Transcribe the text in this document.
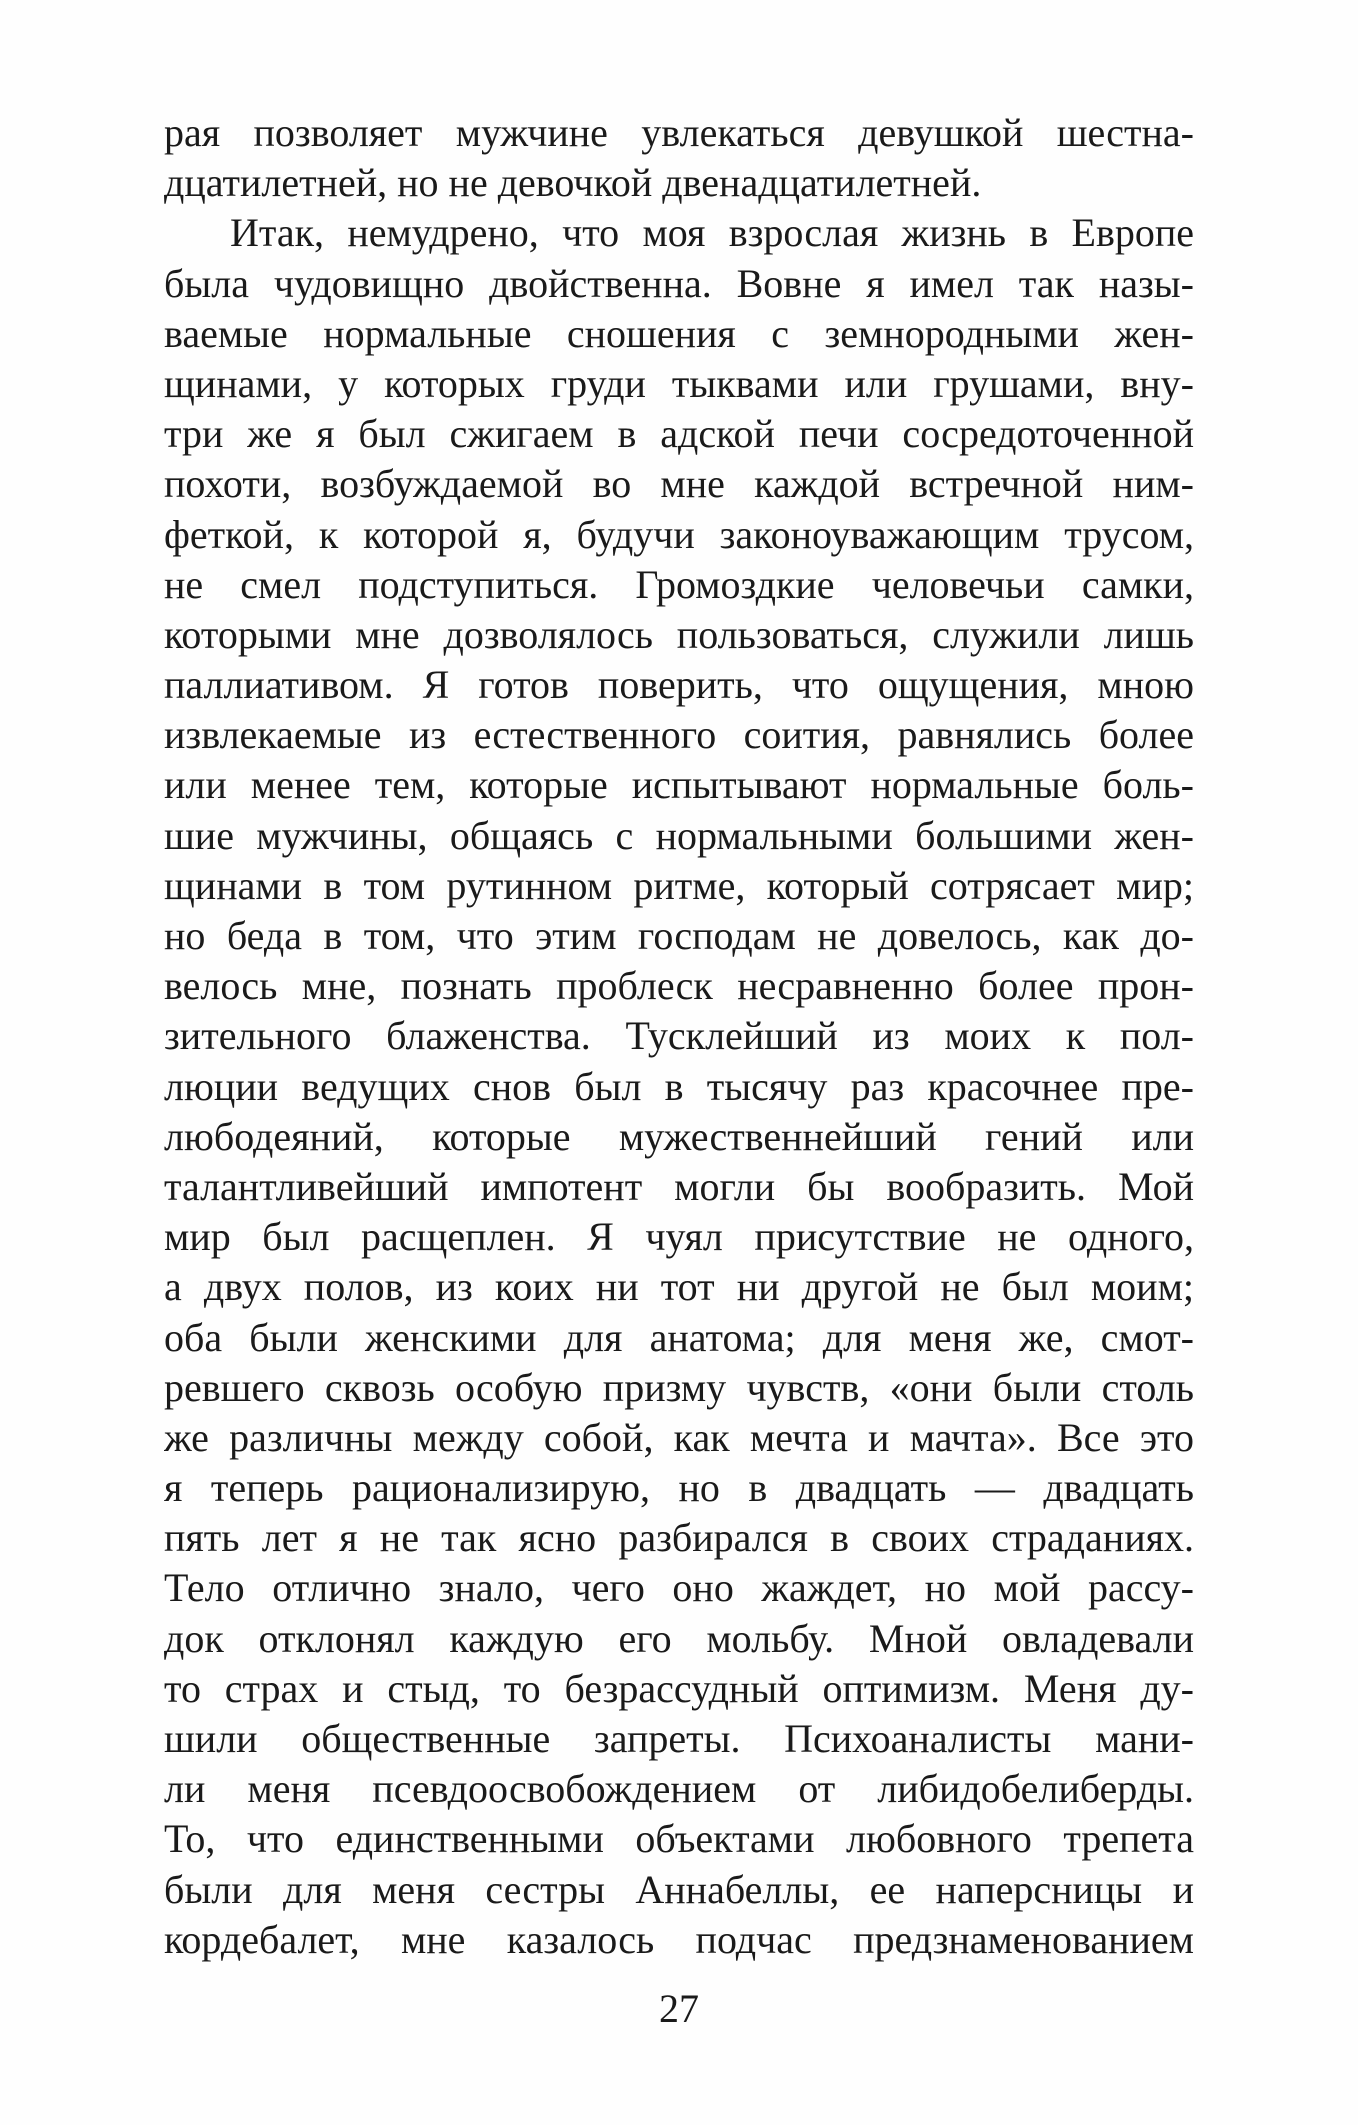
рая позволяет мужчине увлекаться девушкой шестна-
дцатилетней, но не девочкой двенадцатилетней.
Итак, немудрено, что моя взрослая жизнь в Европе
была чудовищно двойственна. Вовне я имел так назы-
ваемые нормальные сношения с земнородными жен-
щинами, у которых груди тыквами или грушами, вну-
три же я был сжигаем в адской печи сосредоточенной
похоти, возбуждаемой во мне каждой встречной ним-
феткой, к которой я, будучи законоуважающим трусом,
не смел подступиться. Громоздкие человечьи самки,
которыми мне дозволялось пользоваться, служили лишь
паллиативом. Я готов поверить, что ощущения, мною
извлекаемые из естественного соития, равнялись более
или менее тем, которые испытывают нормальные боль-
шие мужчины, общаясь с нормальными большими жен-
щинами в том рутинном ритме, который сотрясает мир;
но беда в том, что этим господам не довелось, как до-
велось мне, познать проблеск несравненно более прон-
зительного блаженства. Тусклейший из моих к пол-
люции ведущих снов был в тысячу раз красочнее пре-
любодеяний, которые мужественнейший гений или
талантливейший импотент могли бы вообразить. Мой
мир был расщеплен. Я чуял присутствие не одного,
а двух полов, из коих ни тот ни другой не был моим;
оба были женскими для анатома; для меня же, смот-
ревшего сквозь особую призму чувств, «они были столь
же различны между собой, как мечта и мачта». Все это
я теперь рационализирую, но в двадцать — двадцать
пять лет я не так ясно разбирался в своих страданиях.
Тело отлично знало, чего оно жаждет, но мой рассу-
док отклонял каждую его мольбу. Мной овладевали
то страх и стыд, то безрассудный оптимизм. Меня ду-
шили общественные запреты. Психоаналисты мани-
ли меня псевдоосвобождением от либидобелиберды.
То, что единственными объектами любовного трепета
были для меня сестры Аннабеллы, ее наперсницы и
кордебалет, мне казалось подчас предзнаменованием
27
